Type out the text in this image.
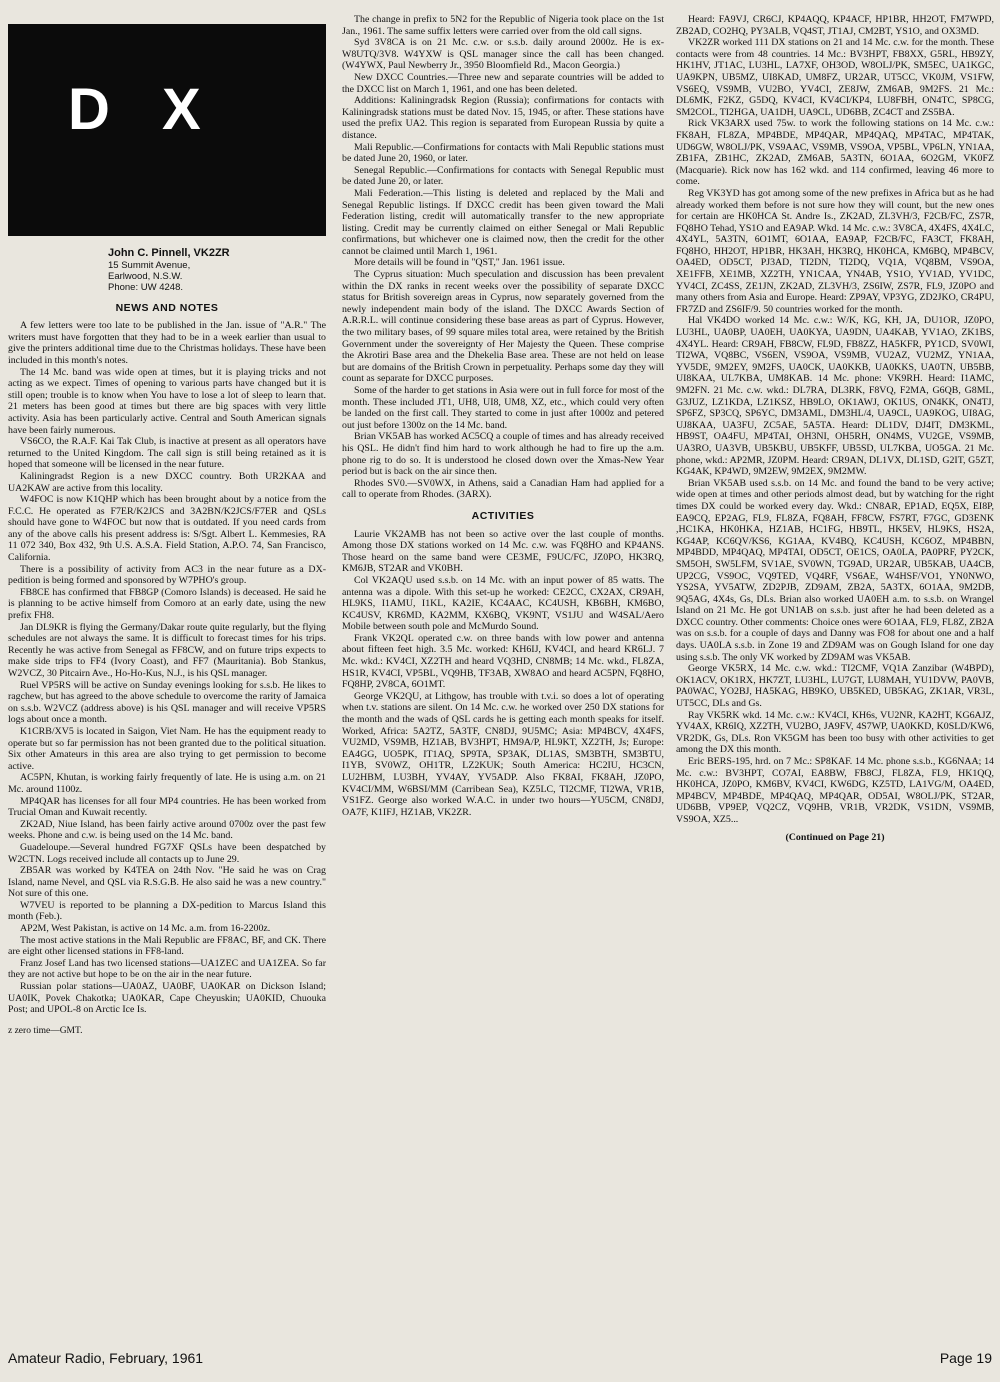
D X
John C. Pinnell, VK2ZR
15 Summit Avenue,
Earlwood, N.S.W.
Phone: UW 4248.
NEWS AND NOTES

A few letters were too late to be published in the Jan. issue of "A.R." The writers must have forgotten that they had to be in a week earlier than usual to give the printers additional time due to the Christmas holidays. These have been included in this month's notes.

The 14 Mc. band was wide open at times, but it is playing tricks and not acting as we expect. Times of opening to various parts have changed but it is still open; trouble is to know when You have to lose a lot of sleep to learn that. 21 meters has been good at times but there are big spaces with very little activity. Asia has been particularly active. Central and South American signals have been fairly numerous.

VS6CO, the R.A.F. Kai Tak Club, is inactive at present as all operators have returned to the United Kingdom. The call sign is still being retained as it is hoped that someone will be licensed in the near future.

Kaliningradst Region is a new DXCC country. Both UR2KAA and UA2KAW are active from this locality.

W4FOC is now K1QHP which has been brought about by a notice from the F.C.C. He operated as F7ER/K2JCS and 3A2BN/K2JCS/F7ER and QSLs should have gone to W4FOC but now that is outdated. If you need cards from any of the above calls his present address is: S/Sgt. Albert L. Kemmesies, RA 11 072 340, Box 432, 9th U.S. A.S.A. Field Station, A.P.O. 74, San Francisco, California.

There is a possibility of activity from AC3 in the near future as a DX-pedition is being formed and sponsored by W7PHO's group.

FB8CE has confirmed that FB8GP (Comoro Islands) is deceased. He said he is planning to be active himself from Comoro at an early date, using the new prefix FH8.

Jan DL9KR is flying the Germany/Dakar route quite regularly, but the flying schedules are not always the same. It is difficult to forecast times for his trips. Recently he was active from Senegal as FF8CW, and on future trips expects to make side trips to FF4 (Ivory Coast), and FF7 (Mauritania). Bob Stankus, W2VCZ, 30 Pitcairn Ave., Ho-Ho-Kus, N.J., is his QSL manager.

Ruel VP5RS will be active on Sunday evenings looking for s.s.b. He likes to ragchew, but has agreed to the above schedule to overcome the rarity of Jamaica on s.s.b. W2VCZ (address above) is his QSL manager and will receive VP5RS logs about once a month.

K1CRB/XV5 is located in Saigon, Viet Nam. He has the equipment ready to operate but so far permission has not been granted due to the political situation. Six other Amateurs in this area are also trying to get permission to become active.

AC5PN, Khutan, is working fairly frequently of late. He is using a.m. on 21 Mc. around 1100z.

MP4QAR has licenses for all four MP4 countries. He has been worked from Trucial Oman and Kuwait recently.

ZK2AD, Niue Island, has been fairly active around 0700z over the past few weeks. Phone and c.w. is being used on the 14 Mc. band.

Guadeloupe.—Several hundred FG7XF QSLs have been despatched by W2CTN. Logs received include all contacts up to June 29.

ZB5AR was worked by K4TEA on 24th Nov. "He said he was on Crag Island, name Nevel, and QSL via R.S.G.B. He also said he was a new country." Not sure of this one.

W7VEU is reported to be planning a DX-pedition to Marcus Island this month (Feb.).

AP2M, West Pakistan, is active on 14 Mc. a.m. from 16-2200z.

The most active stations in the Mali Republic are FF8AC, BF, and CK. There are eight other licensed stations in FF8-land.

Franz Josef Land has two licensed stations—UA1ZEC and UA1ZEA. So far they are not active but hope to be on the air in the near future.

Russian polar stations—UA0AZ, UA0BF, UA0KAR on Dickson Island; UA0IK, Povek Chakotka; UA0KAR, Cape Cheyuskin; UA0KID, Chuouka Post; and UPOL-8 on Arctic Ice Is.

z zero time—GMT.

The change in prefix to 5N2 for the Republic of Nigeria took place on the 1st Jan., 1961. The same suffix letters were carried over from the old call signs.

Syd 3V8CA is on 21 Mc. c.w. or s.s.b. daily around 2000z. He is ex-W8UTQ/3V8. W4YXW is QSL manager since the call has been changed. (W4YWX, Paul Newberry Jr., 3950 Bloomfield Rd., Macon Georgia.)

New DXCC Countries.—Three new and separate countries will be added to the DXCC list on March 1, 1961, and one has been deleted.

Additions: Kaliningradsk Region (Russia); confirmations for contacts with Kaliningradsk stations must be dated Nov. 15, 1945, or after. These stations have used the prefix UA2. This region is separated from European Russia by quite a distance.

Mali Republic.—Confirmations for contacts with Mali Republic stations must be dated June 20, 1960, or later.

Senegal Republic.—Confirmations for contacts with Senegal Republic must be dated June 20, or later.

Mali Federation.—This listing is deleted and replaced by the Mali and Senegal Republic listings. If DXCC credit has been given toward the Mali Federation listing, credit will automatically transfer to the new appropriate listing. Credit may be currently claimed on either Senegal or Mali Republic confirmations, but whichever one is claimed now, then the credit for the other cannot be claimed until March 1, 1961.

More details will be found in "QST," Jan. 1961 issue.

The Cyprus situation: Much speculation and discussion has been prevalent within the DX ranks in recent weeks over the possibility of separate DXCC status for British sovereign areas in Cyprus, now separately governed from the newly independent main body of the island. The DXCC Awards Section of A.R.R.L. will continue considering these base areas as part of Cyprus. However, the two military bases, of 99 square miles total area, were retained by the British Government under the sovereignty of Her Majesty the Queen. These comprise the Akrotiri Base area and the Dhekelia Base area. These are not held on lease but are domains of the British Crown in perpetuality. Perhaps some day they will count as separate for DXCC purposes.

Some of the harder to get stations in Asia were out in full force for most of the month. These included JT1, UH8, UI8, UM8, XZ, etc., which could very often be landed on the first call. They started to come in just after 1000z and petered out just before 1300z on the 14 Mc. band.

Brian VK5AB has worked AC5CQ a couple of times and has already received his QSL. He didn't find him hard to work although he had to fire up the a.m. phone rig to do so. It is understood he closed down over the Xmas-New Year period but is back on the air since then.

Rhodes SV0.—SV0WX, in Athens, said a Canadian Ham had applied for a call to operate from Rhodes. (3ARX).

ACTIVITIES

Laurie VK2AMB has not been so active over the last couple of months. Among those DX stations worked on 14 Mc. c.w. was FQ8HO and KP4ANS. Those heard on the same band were CE3ME, F9UC/FC, JZ0PO, HK3RQ, KM6JB, ST2AR and VK0BH.

Col VK2AQU used s.s.b. on 14 Mc. with an input power of 85 watts. The antenna was a dipole. With this set-up he worked: CE2CC, CX2AX, CR9AH, HL9KS, I1AMU, I1KL, KA2IE, KC4AAC, KC4USH, KB6BH, KM6BO, KC4USV, KR6MD, KA2MM, KX6BQ, VK9NT, VS1JU and W4SAL/Aero Mobile between south pole and McMurdo Sound.

Frank VK2QL operated c.w. on three bands with low power and antenna about fifteen feet high. 3.5 Mc. worked: KH6IJ, KV4CI, and heard KR6LJ. 7 Mc. wkd.: KV4CI, XZ2TH and heard VQ3HD, CN8MB; 14 Mc. wkd., FL8ZA, HS1R, KV4CI, VP5BL, VQ9HB, TF3AB, XW8AO and heard AC5PN, FQ8HO, FQ8HP, 2V8CA, 6O1MT.

George VK2QU, at Lithgow, has trouble with t.v.i. so does a lot of operating when t.v. stations are silent. On 14 Mc. c.w. he worked over 250 DX stations for the month and the wads of QSL cards he is getting each month speaks for itself. Worked, Africa: 5A2TZ, 5A3TF, CN8DJ, 9U5MC; Asia: MP4BCV, 4X4FS, VU2MD, VS9MB, HZ1AB, BV3HPT, HM9A/P, HL9KT, XZ2TH, Js; Europe: EA4GG, UO5PK, IT1AQ, SP9TA, SP3AK, DL1AS, SM3BTH, SM3BTU, I1YB, SV0WZ, OH1TR, LZ2KUK; South America: HC2IU, HC3CN, LU2HBM, LU3BH, YV4AY, YV5ADP. Also FK8AI, FK8AH, JZ0PO, KV4CI/MM, W6BSI/MM (Carribean Sea), KZ5LC, TI2CMF, TI2WA, VR1B, VS1FZ. George also worked W.A.C. in under two hours—YU5CM, CN8DJ, OA7F, K1IFJ, HZ1AB, VK2ZR.

Heard: FA9VJ, CR6CJ, KP4AQQ, KP4ACF, HP1BR, HH2OT, FM7WPD, ZB2AD, CO2HQ, PY3ALB, VQ4ST, JT1AJ, CM2BT, YS1O, and OX3MD.

VK2ZR worked 111 DX stations on 21 and 14 Mc. c.w. for the month. These contacts were from 48 countries. 14 Mc.: BV3HPT, FB8XX, G5RL, HB9ZY, HK1HV, JT1AC, LU3HL, LA7XF, OH3OD, W8OLJ/PK, SM5EC, UA1KGC, UA9KPN, UB5MZ, UI8KAD, UM8FZ, UR2AR, UT5CC, VK0JM, VS1FW, VS6EQ, VS9MB, VU2BO, YV4CI, ZE8JW, ZM6AB, 9M2FS. 21 Mc.: DL6MK, F2KZ, G5DQ, KV4CI, KV4CI/KP4, LU8FBH, ON4TC, SP8CG, SM2COL, TI2HGA, UA1DH, UA9CL, UD6BB, ZC4CT and ZS5BA.

Rick VK3ARX used 75w. to work the following stations on 14 Mc. c.w.: FK8AH, FL8ZA, MP4BDE, MP4QAR, MP4QAQ, MP4TAC, MP4TAK, UD6GW, W8OLJ/PK, VS9AAC, VS9MB, VS9OA, VP5BL, VP6LN, YN1AA, ZB1FA, ZB1HC, ZK2AD, ZM6AB, 5A3TN, 6O1AA, 6O2GM, VK0FZ (Macquarie). Rick now has 162 wkd. and 114 confirmed, leaving 46 more to come.

Reg VK3YD has got among some of the new prefixes in Africa but as he had already worked them before is not sure how they will count, but the new ones for certain are HK0HCA St. Andre Is., ZK2AD, ZL3VH/3, F2CB/FC, ZS7R, FQ8HO Tehad, YS1O and EA9AP. Wkd. 14 Mc. c.w.: 3V8CA, 4X4FS, 4X4LC, 4X4YL, 5A3TN, 6O1MT, 6O1AA, EA9AP, F2CB/FC, FA3CT, FK8AH, FQ8HO, HH2OT, HP1BR, HK3AH, HK3RQ, HK0HCA, KM6BQ, MP4BCV, OA4ED, OD5CT, PJ3AD, TI2DN, TI2DQ, VQ1A, VQ8BM, VS9OA, XE1FFB, XE1MB, XZ2TH, YN1CAA, YN4AB, YS1O, YV1AD, YV1DC, YV4CI, ZC4SS, ZE1JN, ZK2AD, ZL3VH/3, ZS6IW, ZS7R, FL9, JZ0PO and many others from Asia and Europe. Heard: ZP9AY, VP3YG, ZD2JKO, CR4PU, FR7ZD and ZS6IF/9. 50 countries worked for the month.

Hal VK4DO worked 14 Mc. c.w.: W/K, KG, KH, JA, DU1OR, JZ0PO, LU3HL, UA0BP, UA0EH, UA0KYA, UA9DN, UA4KAB, YV1AO, ZK1BS, 4X4YL. Heard: CR9AH, FB8CW, FL9D, FB8ZZ, HA5KFR, PY1CD, SV0WI, TI2WA, VQ8BC, VS6EN, VS9OA, VS9MB, VU2AZ, VU2MZ, YN1AA, YV5DE, 9M2EY, 9M2FS, UA0CK, UA0KKB, UA0KKS, UA0TN, UB5BB, UI8KAA, UL7KBA, UM8KAB. 14 Mc. phone: VK9RH. Heard: I1AMC, 9M2FN. 21 Mc. c.w. wkd.: DL7RA, DL3RK, F8VQ, F2MA, G6QB, G8ML, G3JUZ, LZ1KDA, LZ1KSZ, HB9LO, OK1AWJ, OK1US, ON4KK, ON4TJ, SP6FZ, SP3CQ, SP6YC, DM3AML, DM3HL/4, UA9CL, UA9KOG, UI8AG, UJ8KAA, UA3FU, ZC5AE, 5A5TA. Heard: DL1DV, DJ4IT, DM3KML, HB9ST, OA4FU, MP4TAI, OH3NI, OH5RH, ON4MS, VU2GE, VS9MB, UA3RO, UA3VB, UB5KBU, UB5KFF, UB5SD, UL7KBA, UO5GA. 21 Mc. phone, wkd.: AP2MR, JZ0PM. Heard: CR9AN, DL1VX, DL1SD, G2IT, G5ZT, KG4AK, KP4WD, 9M2EW, 9M2EX, 9M2MW.

Brian VK5AB used s.s.b. on 14 Mc. and found the band to be very active; wide open at times and other periods almost dead, but by watching for the right times DX could be worked every day. Wkd.: CN8AR, EP1AD, EQ5X, EI8P, EA9CQ, EP2AG, FL9, FL8ZA, FQ8AH, FF8CW, FS7RT, F7GC, GD3ENK ,HC1KA, HK0HKA, HZ1AB, HC1FG, HB9TL, HK5EV, HL9KS, HS2A, KG4AP, KC6QV/KS6, KG1AA, KV4BQ, KC4USH, KC6OZ, MP4BBN, MP4BDD, MP4QAQ, MP4TAI, OD5CT, OE1CS, OA0LA, PA0PRF, PY2CK, SM5OH, SW5LFM, SV1AE, SV0WN, TG9AD, UR2AR, UB5KAB, UA4CB, UP2CG, VS9OC, VQ9TED, VQ4RF, VS6AE, W4HSF/VO1, YN0NWO, YS2SA, YV5ATW, ZD2PJB, ZD9AM, ZB2A, 5A3TX, 6O1AA, 9M2DB, 9Q5AG, 4X4s, Gs, DLs. Brian also worked UA0EH a.m. to s.s.b. on Wrangel Island on 21 Mc. He got UN1AB on s.s.b. just after he had been deleted as a DXCC country. Other comments: Choice ones were 6O1AA, FL9, FL8Z, ZB2A was on s.s.b. for a couple of days and Danny was FO8 for about one and a half days. UA0LA s.s.b. in Zone 19 and ZD9AM was on Gough Island for one day using s.s.b. The only VK worked by ZD9AM was VK5AB.

George VK5RX, 14 Mc. c.w. wkd.: TI2CMF, VQ1A Zanzibar (W4BPD), OK1ACV, OK1RX, HK7ZT, LU3HL, LU7GT, LU8MAH, YU1DVW, PA0VB, PA0WAC, YO2BJ, HA5KAG, HB9KO, UB5KED, UB5KAG, ZK1AR, VR3L, UT5CC, DLs and Gs.

Ray VK5RK wkd. 14 Mc. c.w.: KV4CI, KH6s, VU2NR, KA2HT, KG6AJZ, YV4AX, KR6IQ, XZ2TH, VU2BO, JA9FV, 4S7WP, UA0KKD, K0SLD/KW6, VR2DK, Gs, DLs. Ron VK5GM has been too busy with other activities to get among the DX this month.

Eric BERS-195, hrd. on 7 Mc.: SP8KAF. 14 Mc. phone s.s.b., KG6NAA; 14 Mc. c.w.: BV3HPT, CO7AI, EA8BW, FB8CJ, FL8ZA, FL9, HK1QQ, HK0HCA, JZ0PO, KM6BV, KV4CI, KW6DG, KZ5TD, LA1VG/M, OA4ED, MP4BCV, MP4BDE, MP4QAQ, MP4QAR, OD5AI, W8OLJ/PK, ST2AR, UD6BB, VP9EP, VQ2CZ, VQ9HB, VR1B, VR2DK, VS1DN, VS9MB, VS9OA, XZ5...

(Continued on Page 21)
Amateur Radio, February, 1961	Page 19
